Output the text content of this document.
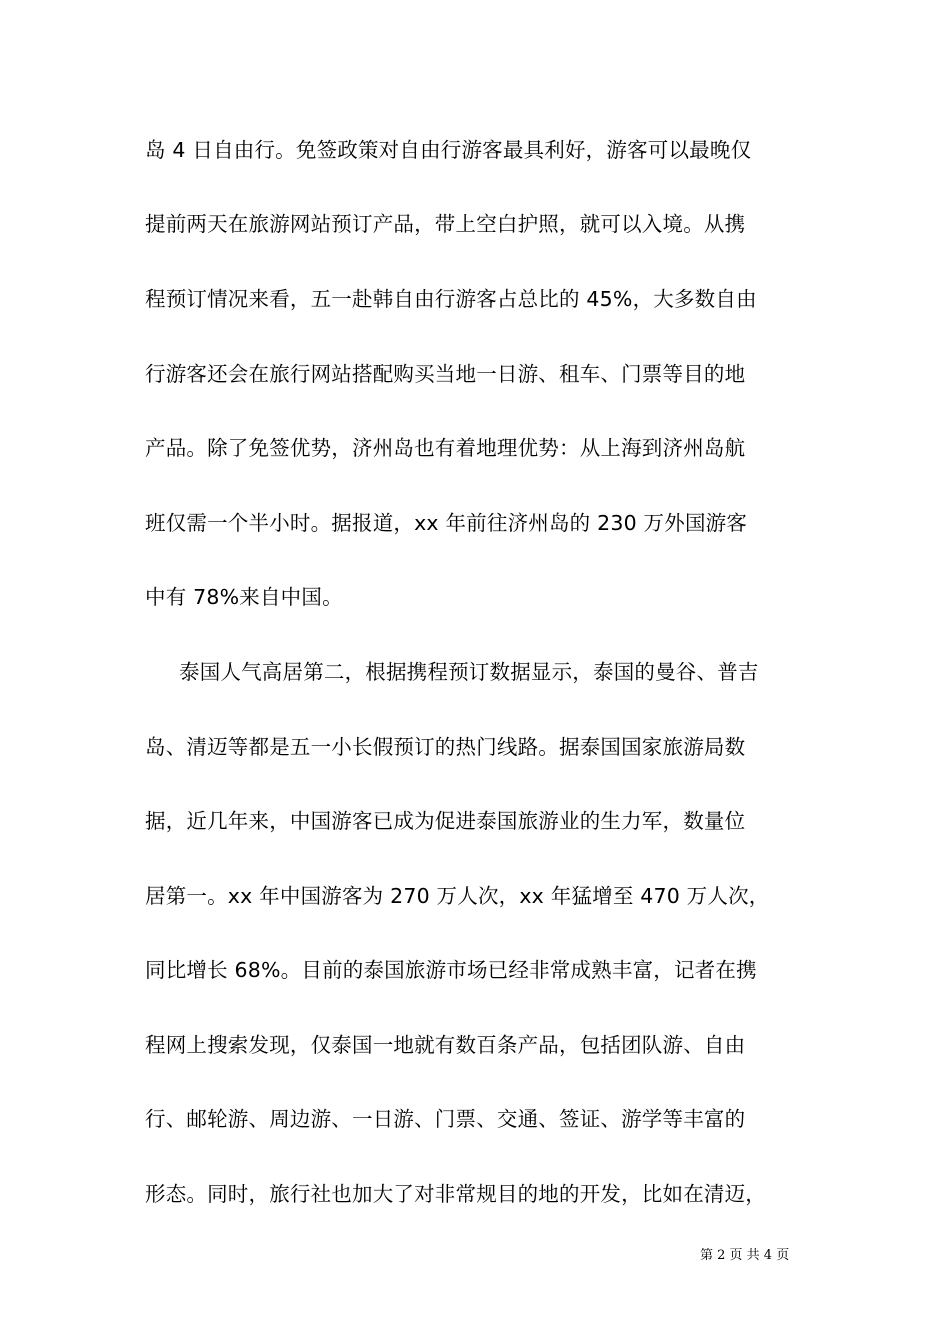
岛 4 日自由行。免签政策对自由行游客最具利好，游客可以最晚仅
提前两天在旅游网站预订产品，带上空白护照，就可以入境。从携
程预订情况来看，五一赴韩自由行游客占总比的 45%，大多数自由
行游客还会在旅行网站搭配购买当地一日游、租车、门票等目的地
产品。除了免签优势，济州岛也有着地理优势：从上海到济州岛航
班仅需一个半小时。据报道，xx 年前往济州岛的 230 万外国游客
中有 78%来自中国。
泰国人气高居第二，根据携程预订数据显示，泰国的曼谷、普吉
岛、清迈等都是五一小长假预订的热门线路。据泰国国家旅游局数
据，近几年来，中国游客已成为促进泰国旅游业的生力军，数量位
居第一。xx 年中国游客为 270 万人次，xx 年猛增至 470 万人次，
同比增长 68%。目前的泰国旅游市场已经非常成熟丰富，记者在携
程网上搜索发现，仅泰国一地就有数百条产品，包括团队游、自由
行、邮轮游、周边游、一日游、门票、交通、签证、游学等丰富的
形态。同时，旅行社也加大了对非常规目的地的开发，比如在清迈，
第 2 页 共 4 页
